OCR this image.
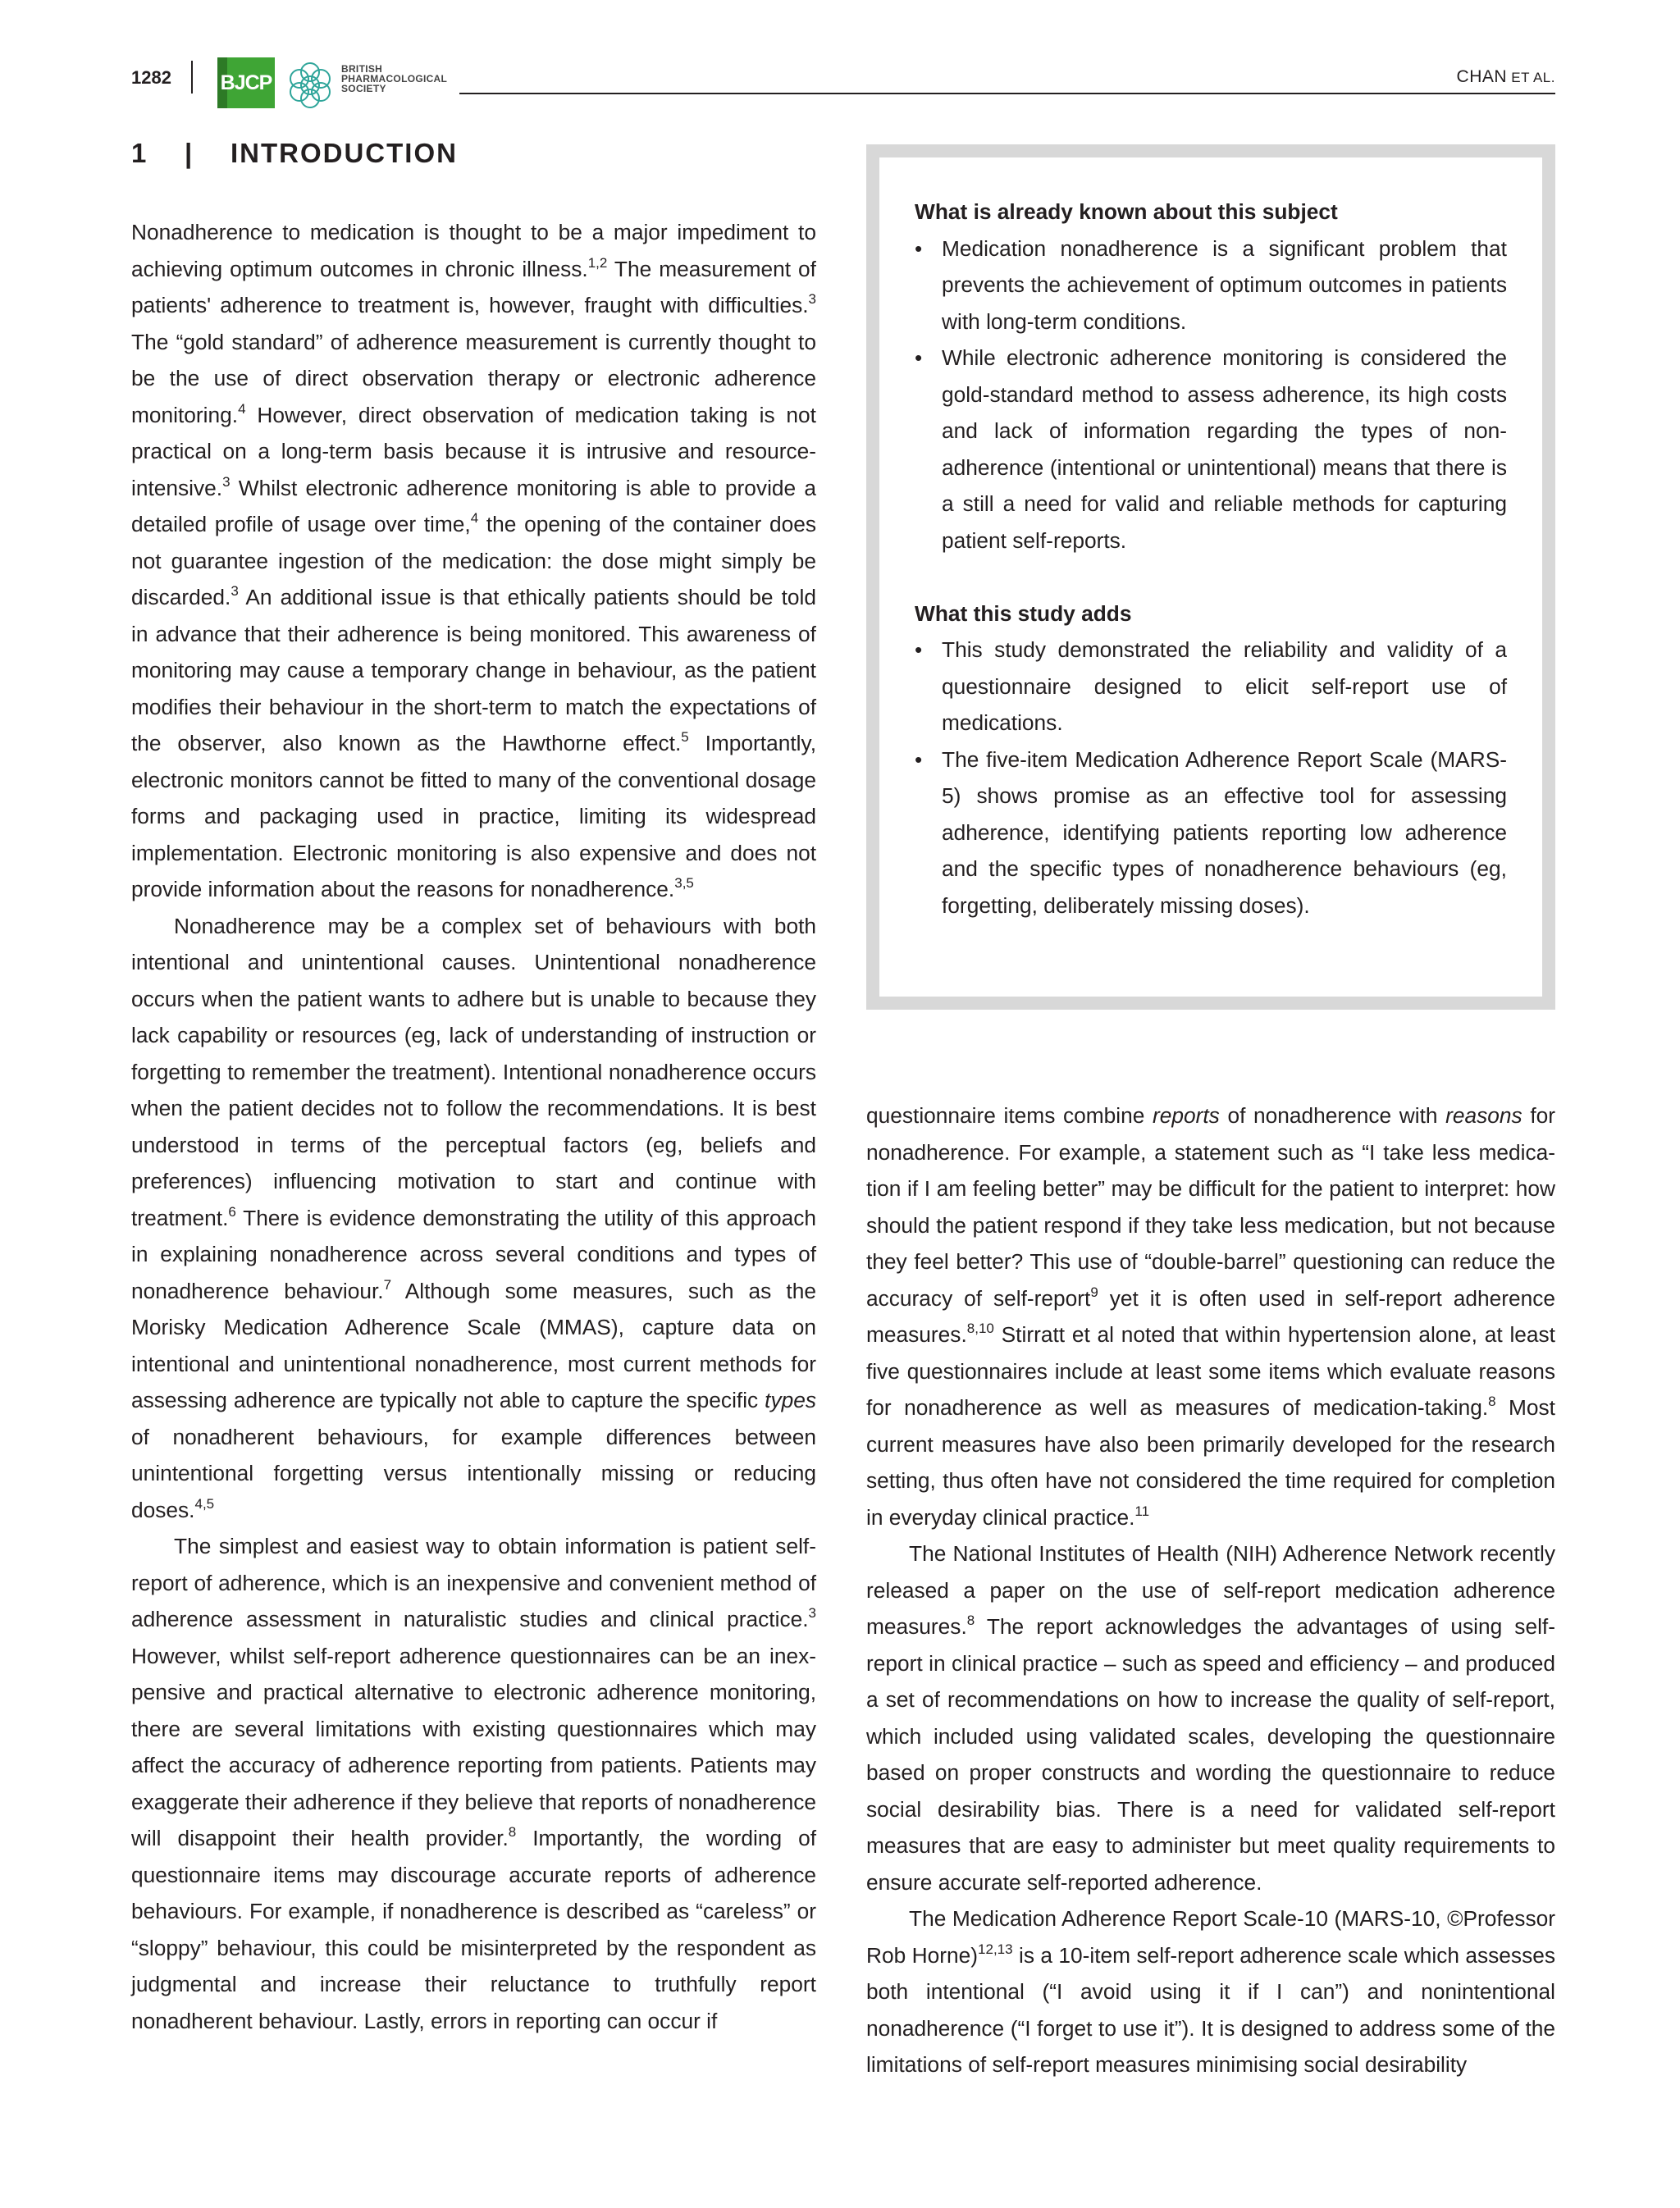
1282 BJCP
BRITISH
PHARMACOLOGICAL
SOCIETY
CHAN ET AL.
1 | INTRODUCTION

Nonadherence to medication is thought to be a major impediment to achieving optimum outcomes in chronic illness.$^{1,2}$ The measurement of patients' adherence to treatment is, however, fraught with difficulties.$^3$ The “gold standard” of adherence measurement is currently thought to be the use of direct observation therapy or electronic adherence monitoring.$^4$ However, direct observation of medication taking is not practical on a long-term basis because it is intrusive and resource-intensive.$^3$ Whilst electronic adherence monitoring is able to provide a detailed profile of usage over time,$^4$ the opening of the container does not guarantee ingestion of the medication: the dose might simply be discarded.$^3$ An additional issue is that ethically patients should be told in advance that their adherence is being monitored. This awareness of monitoring may cause a temporary change in behaviour, as the patient modifies their behaviour in the short-term to match the expectations of the observer, also known as the Hawthorne effect.$^5$ Importantly, electronic monitors cannot be fitted to many of the conventional dosage forms and packaging used in practice, limiting its widespread implementation. Electronic monitoring is also expensive and does not provide information about the reasons for nonadherence.$^{3,5}$

Nonadherence may be a complex set of behaviours with both intentional and unintentional causes. Unintentional nonadherence occurs when the patient wants to adhere but is unable to because they lack capability or resources (eg, lack of understanding of instruction or forgetting to remember the treatment). Intentional nonadherence occurs when the patient decides not to follow the recommendations. It is best understood in terms of the perceptual factors (eg, beliefs and preferences) influencing motivation to start and continue with treatment.$^6$ There is evidence demonstrating the utility of this approach in explaining nonadherence across several conditions and types of nonadherence behaviour.$^7$ Although some measures, such as the Morisky Medication Adherence Scale (MMAS), capture data on intentional and unintentional nonadherence, most current methods for assessing adherence are typically not able to capture the specific types of nonadherent behaviours, for example differences between unintentional forgetting versus intentionally missing or reducing doses.$^{4,5}$

The simplest and easiest way to obtain information is patient self-report of adherence, which is an inexpensive and convenient method of adherence assessment in naturalistic studies and clinical practice.$^3$ However, whilst self-report adherence questionnaires can be an inexpensive and practical alternative to electronic adherence monitoring, there are several limitations with existing questionnaires which may affect the accuracy of adherence reporting from patients. Patients may exaggerate their adherence if they believe that reports of nonadherence will disappoint their health provider.$^8$ Importantly, the wording of questionnaire items may discourage accurate reports of adherence behaviours. For example, if nonadherence is described as “careless” or “sloppy” behaviour, this could be misinterpreted by the respondent as judgmental and increase their reluctance to truthfully report nonadherent behaviour. Lastly, errors in reporting can occur if

What is already known about this subject
• Medication nonadherence is a significant problem that prevents the achievement of optimum outcomes in patients with long-term conditions.
• While electronic adherence monitoring is considered the gold-standard method to assess adherence, its high costs and lack of information regarding the types of nonadherence (intentional or unintentional) means that there is a still a need for valid and reliable methods for capturing patient self-reports.
What this study adds
• This study demonstrated the reliability and validity of a questionnaire designed to elicit self-report use of medications.
• The five-item Medication Adherence Report Scale (MARS-5) shows promise as an effective tool for assessing adherence, identifying patients reporting low adherence and the specific types of nonadherence behaviours (eg, forgetting, deliberately missing doses).

questionnaire items combine reports of nonadherence with reasons for nonadherence. For example, a statement such as “I take less medication if I am feeling better” may be difficult for the patient to interpret: how should the patient respond if they take less medication, but not because they feel better? This use of “double-barrel” questioning can reduce the accuracy of self-report$^9$ yet it is often used in self-report adherence measures.$^{8,10}$ Stirratt et al noted that within hypertension alone, at least five questionnaires include at least some items which evaluate reasons for nonadherence as well as measures of medication-taking.$^8$ Most current measures have also been primarily developed for the research setting, thus often have not considered the time required for completion in everyday clinical practice.$^{11}$

The National Institutes of Health (NIH) Adherence Network recently released a paper on the use of self-report medication adherence measures.$^8$ The report acknowledges the advantages of using self-report in clinical practice – such as speed and efficiency – and produced a set of recommendations on how to increase the quality of self-report, which included using validated scales, developing the questionnaire based on proper constructs and wording the questionnaire to reduce social desirability bias. There is a need for validated self-report measures that are easy to administer but meet quality requirements to ensure accurate self-reported adherence.

The Medication Adherence Report Scale-10 (MARS-10, ©Professor Rob Horne)$^{12,13}$ is a 10-item self-report adherence scale which assesses both intentional (“I avoid using it if I can”) and nonintentional nonadherence (“I forget to use it”). It is designed to address some of the limitations of self-report measures minimising social desirability
